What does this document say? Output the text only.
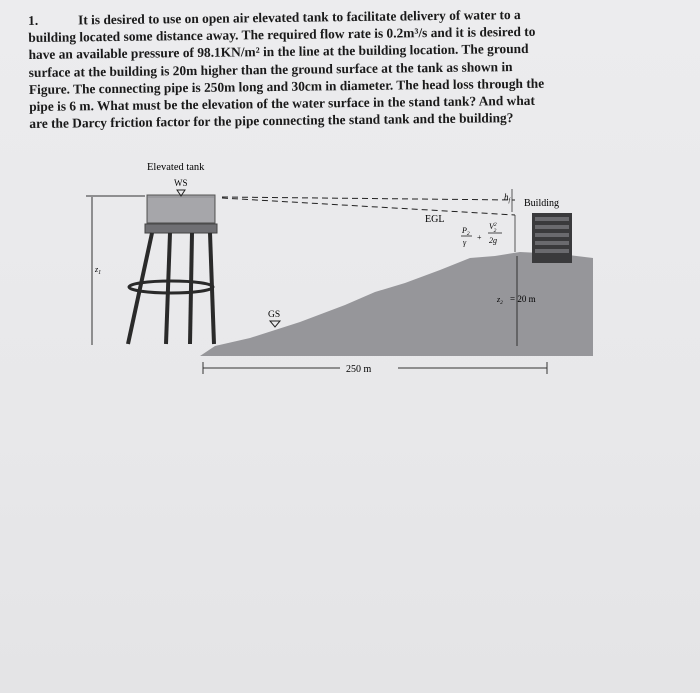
1.	It is desired to use on open air elevated tank to facilitate delivery of water to a

building located some distance away. The required flow rate is 0.2m³/s and it is desired to

have an available pressure of 98.1KN/m² in the line at the building location. The ground

surface at the building is 20m higher than the ground surface at the tank as shown in

Figure. The connecting pipe is 250m long and 30cm in diameter. The head loss through the

pipe is 6 m. What must be the elevation of the water surface in the stand tank? And what

are the Darcy friction factor for the pipe connecting the stand tank and the building?

Elevated tank
WS
EGL
$z_1$
GS
Building
$h_f$
$P_2$
γ
+
$V^2$ 2
2g
$z_2 = 20$ m
250 m
